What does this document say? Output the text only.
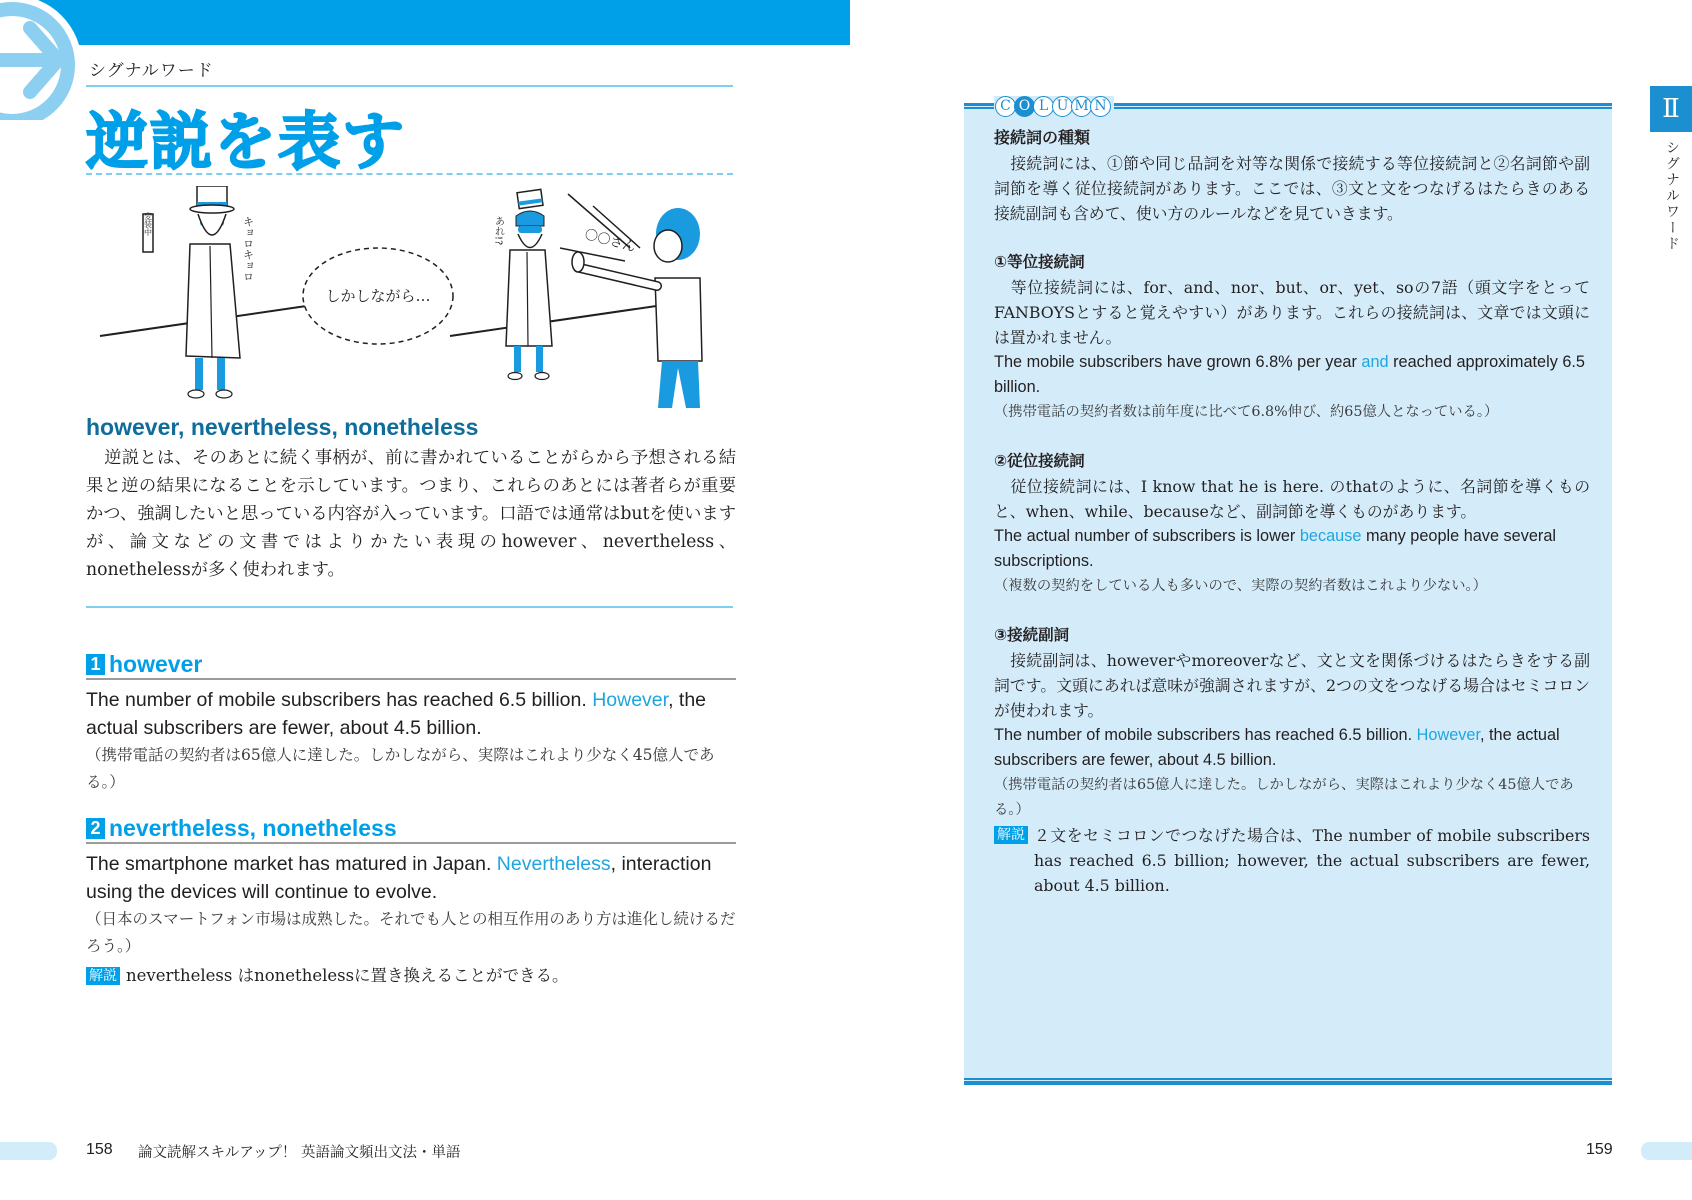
シグナルワード
逆説を表す
変装中	キョロキョロ
しかしながら…
あれ!?	〇〇さん
however, nevertheless, nonetheless

逆説とは、そのあとに続く事柄が、前に書かれていることがらから予想される結果と逆の結果になることを示しています。つまり、これらのあとには著者らが重要かつ、強調したいと思っている内容が入っています。口語では通常はbutを使いますが、論文などの文書ではよりかたい表現のhowever、nevertheless、nonethelessが多く使われます。

1 however

The number of mobile subscribers has reached 6.5 billion. However, the actual subscribers are fewer, about 4.5 billion.

（携帯電話の契約者は65億人に達した。しかしながら、実際はこれより少なく45億人である。）

2 nevertheless, nonetheless

The smartphone market has matured in Japan. Nevertheless, interaction using the devices will continue to evolve.

（日本のスマートフォン市場は成熟した。それでも人との相互作用のあり方は進化し続けるだろう。）

解説 nevertheless はnonethelessに置き換えることができる。

158 論文読解スキルアップ！ 英語論文頻出文法・単語
C O L U M N
接続詞の種類

接続詞には、①節や同じ品詞を対等な関係で接続する等位接続詞と②名詞節や副詞節を導く従位接続詞があります。ここでは、③文と文をつなげるはたらきのある接続副詞も含めて、使い方のルールなどを見ていきます。

①等位接続詞

等位接続詞には、for、and、nor、but、or、yet、soの7語（頭文字をとってFANBOYSとすると覚えやすい）があります。これらの接続詞は、文章では文頭には置かれません。

The mobile subscribers have grown 6.8% per year and reached approximately 6.5 billion.

（携帯電話の契約者数は前年度に比べて6.8%伸び、約65億人となっている。）

②従位接続詞

従位接続詞には、I know that he is here. のthatのように、名詞節を導くものと、when、while、becauseなど、副詞節を導くものがあります。

The actual number of subscribers is lower because many people have several subscriptions.

（複数の契約をしている人も多いので、実際の契約者数はこれより少ない。）

③接続副詞

接続副詞は、howeverやmoreoverなど、文と文を関係づけるはたらきをする副詞です。文頭にあれば意味が強調されますが、2つの文をつなげる場合はセミコロンが使われます。

The number of mobile subscribers has reached 6.5 billion. However, the actual subscribers are fewer, about 4.5 billion.

（携帯電話の契約者は65億人に達した。しかしながら、実際はこれより少なく45億人である。）

解説 ２文をセミコロンでつなげた場合は、The number of mobile subscribers has reached 6.5 billion; however, the actual subscribers are fewer, about 4.5 billion.
Ⅱ
シグナルワード
159
